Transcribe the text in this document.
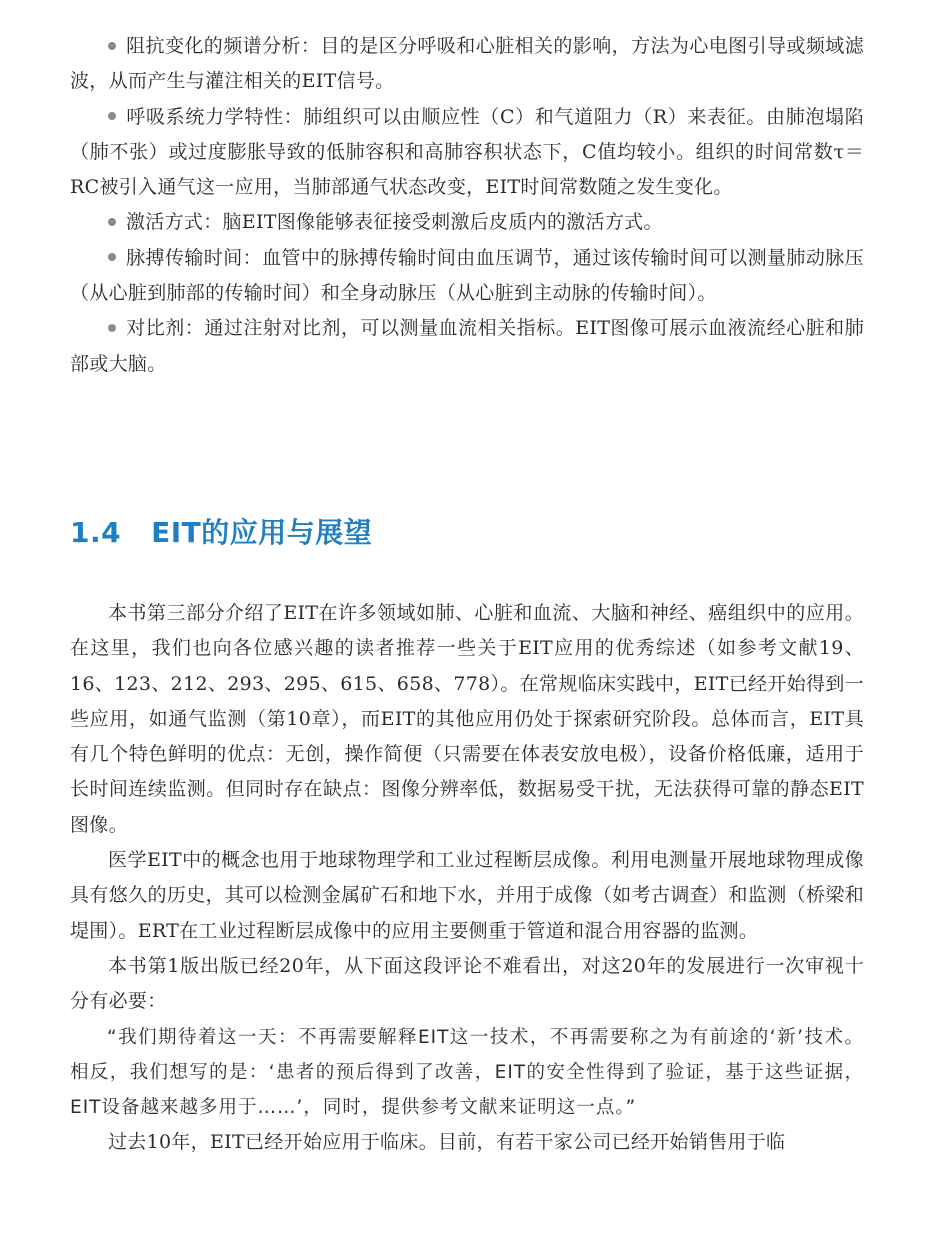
阻抗变化的频谱分析：目的是区分呼吸和心脏相关的影响，方法为心电图引导或频域滤波，从而产生与灌注相关的EIT信号。

呼吸系统力学特性：肺组织可以由顺应性（C）和气道阻力（R）来表征。由肺泡塌陷（肺不张）或过度膨胀导致的低肺容积和高肺容积状态下，C值均较小。组织的时间常数τ＝RC被引入通气这一应用，当肺部通气状态改变，EIT时间常数随之发生变化。

激活方式：脑EIT图像能够表征接受刺激后皮质内的激活方式。

脉搏传输时间：血管中的脉搏传输时间由血压调节，通过该传输时间可以测量肺动脉压（从心脏到肺部的传输时间）和全身动脉压（从心脏到主动脉的传输时间）。

对比剂：通过注射对比剂，可以测量血流相关指标。EIT图像可展示血液流经心脏和肺部或大脑。

1.4 EIT的应用与展望

本书第三部分介绍了EIT在许多领域如肺、心脏和血流、大脑和神经、癌组织中的应用。在这里，我们也向各位感兴趣的读者推荐一些关于EIT应用的优秀综述（如参考文献19、16、123、212、293、295、615、658、778）。在常规临床实践中，EIT已经开始得到一些应用，如通气监测（第10章），而EIT的其他应用仍处于探索研究阶段。总体而言，EIT具有几个特色鲜明的优点：无创，操作简便（只需要在体表安放电极），设备价格低廉，适用于长时间连续监测。但同时存在缺点：图像分辨率低，数据易受干扰，无法获得可靠的静态EIT图像。

医学EIT中的概念也用于地球物理学和工业过程断层成像。利用电测量开展地球物理成像具有悠久的历史，其可以检测金属矿石和地下水，并用于成像（如考古调查）和监测（桥梁和堤围）。ERT在工业过程断层成像中的应用主要侧重于管道和混合用容器的监测。

本书第1版出版已经20年，从下面这段评论不难看出，对这20年的发展进行一次审视十分有必要：

“我们期待着这一天：不再需要解释EIT这一技术，不再需要称之为有前途的‘新’技术。相反，我们想写的是：‘患者的预后得到了改善，EIT的安全性得到了验证，基于这些证据，EIT设备越来越多用于……’，同时，提供参考文献来证明这一点。”

过去10年，EIT已经开始应用于临床。目前，有若干家公司已经开始销售用于临
